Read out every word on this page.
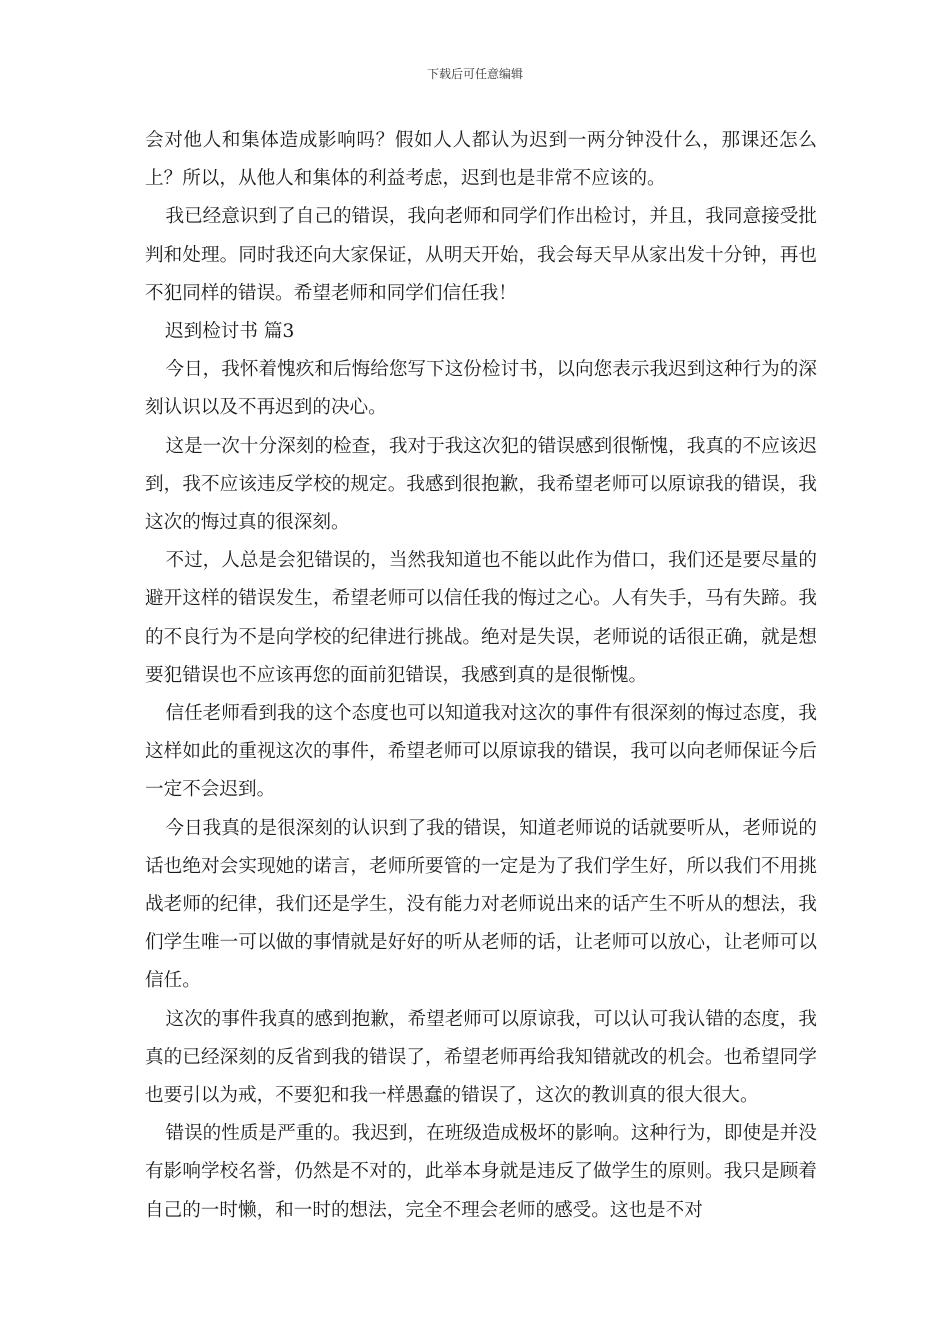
下载后可任意编辑

会对他人和集体造成影响吗？假如人人都认为迟到一两分钟没什么，那课还怎么上？所以，从他人和集体的利益考虑，迟到也是非常不应该的。

我已经意识到了自己的错误，我向老师和同学们作出检讨，并且，我同意接受批判和处理。同时我还向大家保证，从明天开始，我会每天早从家出发十分钟，再也不犯同样的错误。希望老师和同学们信任我！

迟到检讨书 篇3

今日，我怀着愧疚和后悔给您写下这份检讨书，以向您表示我迟到这种行为的深刻认识以及不再迟到的决心。

这是一次十分深刻的检查，我对于我这次犯的错误感到很惭愧，我真的不应该迟到，我不应该违反学校的规定。我感到很抱歉，我希望老师可以原谅我的错误，我这次的悔过真的很深刻。

不过，人总是会犯错误的，当然我知道也不能以此作为借口，我们还是要尽量的避开这样的错误发生，希望老师可以信任我的悔过之心。人有失手，马有失蹄。我的不良行为不是向学校的纪律进行挑战。绝对是失误，老师说的话很正确，就是想要犯错误也不应该再您的面前犯错误，我感到真的是很惭愧。

信任老师看到我的这个态度也可以知道我对这次的事件有很深刻的悔过态度，我这样如此的重视这次的事件，希望老师可以原谅我的错误，我可以向老师保证今后一定不会迟到。

今日我真的是很深刻的认识到了我的错误，知道老师说的话就要听从，老师说的话也绝对会实现她的诺言，老师所要管的一定是为了我们学生好，所以我们不用挑战老师的纪律，我们还是学生，没有能力对老师说出来的话产生不听从的想法，我们学生唯一可以做的事情就是好好的听从老师的话，让老师可以放心，让老师可以信任。

这次的事件我真的感到抱歉，希望老师可以原谅我，可以认可我认错的态度，我真的已经深刻的反省到我的错误了，希望老师再给我知错就改的机会。也希望同学也要引以为戒，不要犯和我一样愚蠢的错误了，这次的教训真的很大很大。

错误的性质是严重的。我迟到，在班级造成极坏的影响。这种行为，即使是并没有影响学校名誉，仍然是不对的，此举本身就是违反了做学生的原则。我只是顾着自己的一时懒，和一时的想法，完全不理会老师的感受。这也是不对
